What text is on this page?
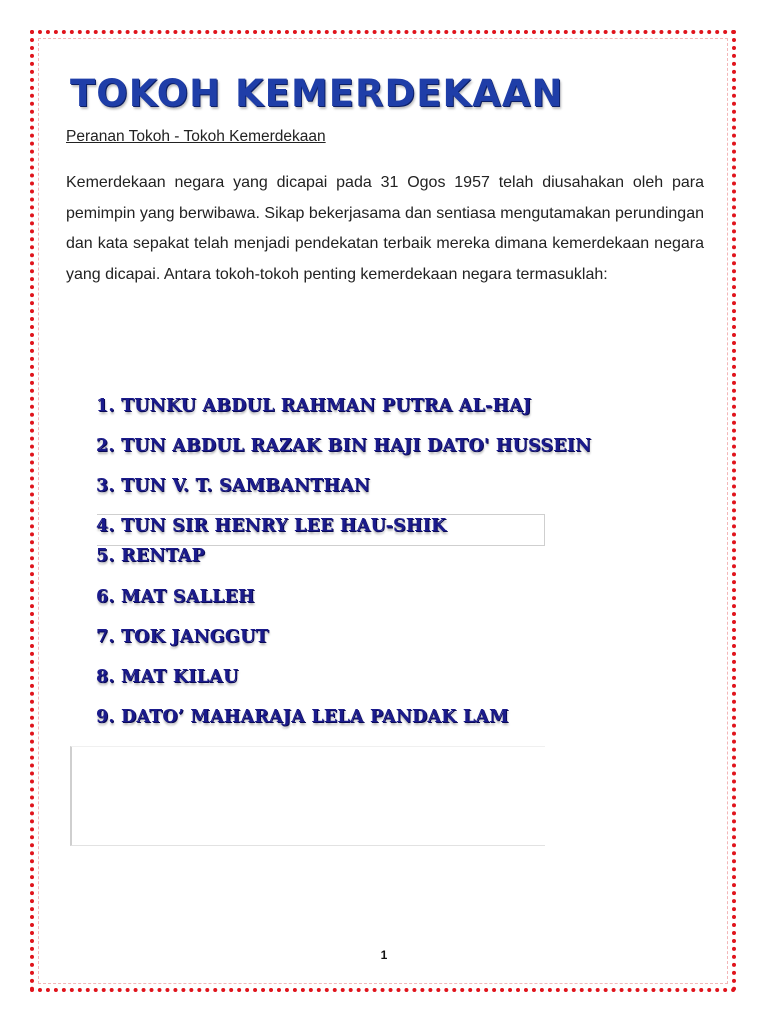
TOKOH KEMERDEKAAN

Peranan Tokoh - Tokoh Kemerdekaan

Kemerdekaan negara yang dicapai pada 31 Ogos 1957 telah diusahakan oleh para pemimpin yang berwibawa. Sikap bekerjasama dan sentiasa mengutamakan perundingan dan kata sepakat telah menjadi pendekatan terbaik mereka dimana kemerdekaan negara yang dicapai. Antara tokoh-tokoh penting kemerdekaan negara termasuklah:

1. TUNKU ABDUL RAHMAN PUTRA AL-HAJ
2. TUN ABDUL RAZAK BIN HAJI DATO' HUSSEIN
3. TUN V. T. SAMBANTHAN
4. TUN SIR HENRY LEE HAU-SHIK
5. RENTAP
6. MAT SALLEH
7. TOK JANGGUT
8. MAT KILAU
9. DATO’ MAHARAJA LELA PANDAK LAM
1
